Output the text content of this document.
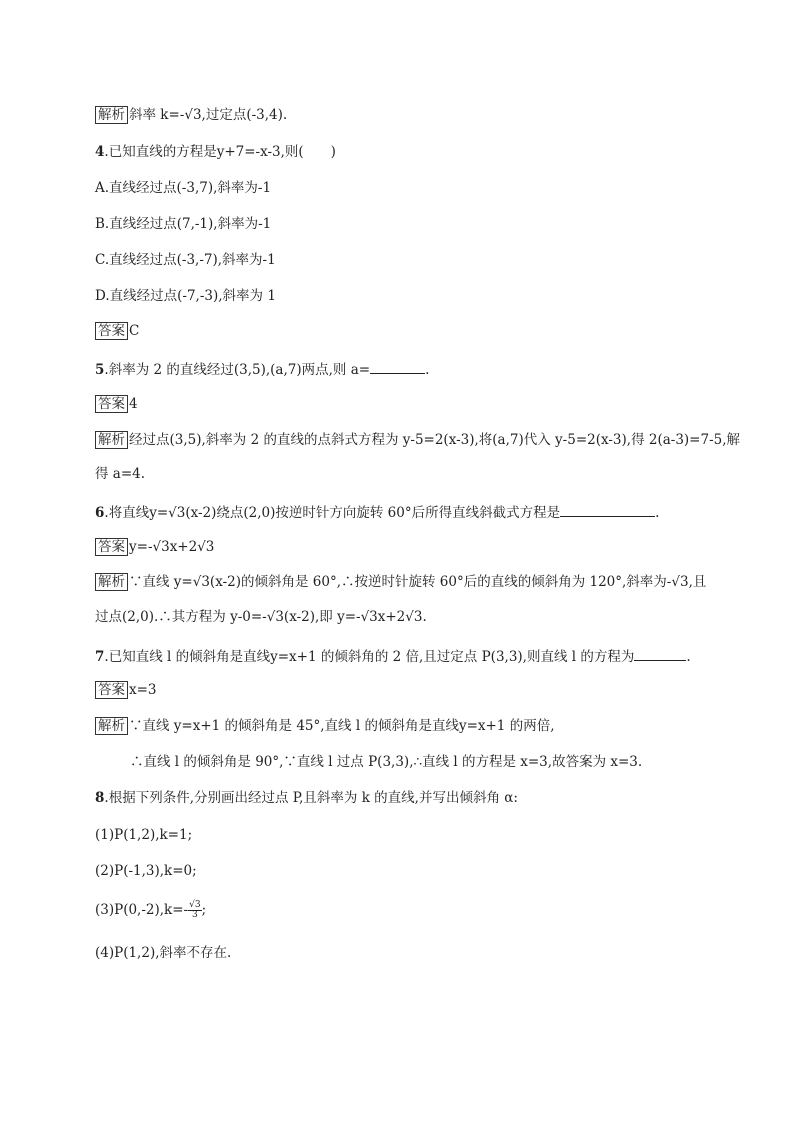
解析 斜率 k=-√3,过定点(-3,4).
4.已知直线的方程是y+7=-x-3,则(　　)
A.直线经过点(-3,7),斜率为-1
B.直线经过点(7,-1),斜率为-1
C.直线经过点(-3,-7),斜率为-1
D.直线经过点(-7,-3),斜率为 1
答案 C
5.斜率为 2 的直线经过(3,5),(a,7)两点,则 a=	.
答案 4
解析 经过点(3,5),斜率为 2 的直线的点斜式方程为 y-5=2(x-3),将(a,7)代入 y-5=2(x-3),得 2(a-3)=7-5,解
得 a=4.
6.将直线y=√3(x-2)绕点(2,0)按逆时针方向旋转 60°后所得直线斜截式方程是	.
答案 y=-√3x+2√3
解析 ∵直线 y=√3(x-2)的倾斜角是 60°,∴按逆时针旋转 60°后的直线的倾斜角为 120°,斜率为-√3,且
过点(2,0).∴其方程为 y-0=-√3(x-2),即 y=-√3x+2√3.
7.已知直线 l 的倾斜角是直线y=x+1 的倾斜角的 2 倍,且过定点 P(3,3),则直线 l 的方程为	.
答案 x=3
解析 ∵直线 y=x+1 的倾斜角是 45°,直线 l 的倾斜角是直线y=x+1 的两倍,
∴直线 l 的倾斜角是 90°,∵直线 l 过点 P(3,3),∴直线 l 的方程是 x=3,故答案为 x=3.
8.根据下列条件,分别画出经过点 P,且斜率为 k 的直线,并写出倾斜角 α:
(1)P(1,2),k=1;
(2)P(-1,3),k=0;
$(3)P(0,-2),k=- \frac{√3}{3}$ ;
(4)P(1,2),斜率不存在.
